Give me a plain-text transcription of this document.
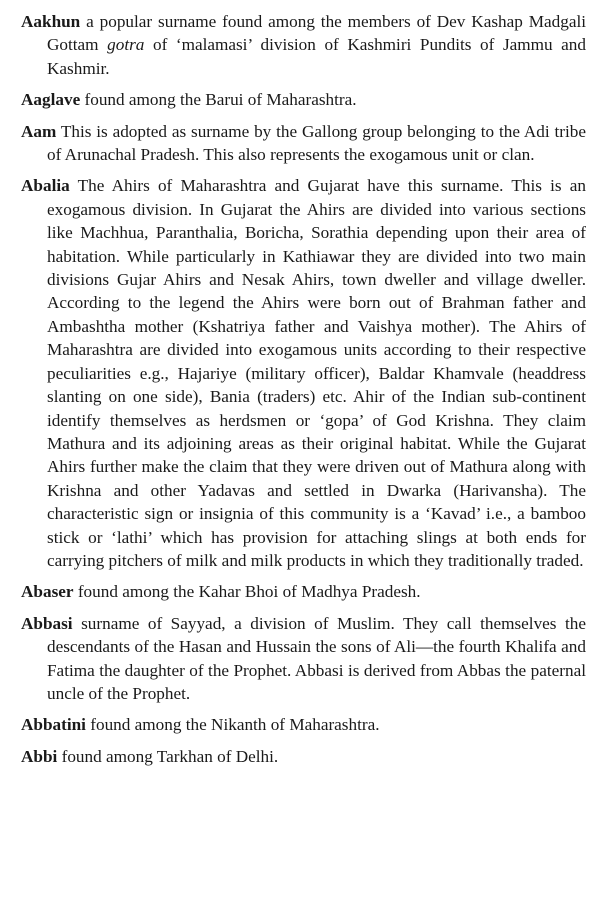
Aakhun a popular surname found among the members of Dev Kashap Madgali Gottam gotra of ‘malamasi’ division of Kashmiri Pundits of Jammu and Kashmir.

Aaglave found among the Barui of Maharashtra.

Aam This is adopted as surname by the Gallong group belonging to the Adi tribe of Arunachal Pradesh. This also represents the exogamous unit or clan.

Abalia The Ahirs of Maharashtra and Gujarat have this surname. This is an exogamous division. In Gujarat the Ahirs are divided into various sections like Machhua, Paranthalia, Boricha, Sorathia depending upon their area of habitation. While particularly in Kathiawar they are divided into two main divisions Gujar Ahirs and Nesak Ahirs, town dweller and village dweller. According to the legend the Ahirs were born out of Brahman father and Ambashtha mother (Kshatriya father and Vaishya mother). The Ahirs of Maharashtra are divided into exogamous units according to their respective peculiarities e.g., Hajariye (military officer), Baldar Khamvale (headdress slanting on one side), Bania (traders) etc. Ahir of the Indian sub-continent identify themselves as herdsmen or ‘gopa’ of God Krishna. They claim Mathura and its adjoining areas as their original habitat. While the Gujarat Ahirs further make the claim that they were driven out of Mathura along with Krishna and other Yadavas and settled in Dwarka (Harivansha). The characteristic sign or insignia of this community is a ‘Kavad’ i.e., a bamboo stick or ‘lathi’ which has provision for attaching slings at both ends for carrying pitchers of milk and milk products in which they traditionally traded.

Abaser found among the Kahar Bhoi of Madhya Pradesh.

Abbasi surname of Sayyad, a division of Muslim. They call themselves the descendants of the Hasan and Hussain the sons of Ali—the fourth Khalifa and Fatima the daughter of the Prophet. Abbasi is derived from Abbas the paternal uncle of the Prophet.

Abbatini found among the Nikanth of Maharashtra.

Abbi found among Tarkhan of Delhi.
